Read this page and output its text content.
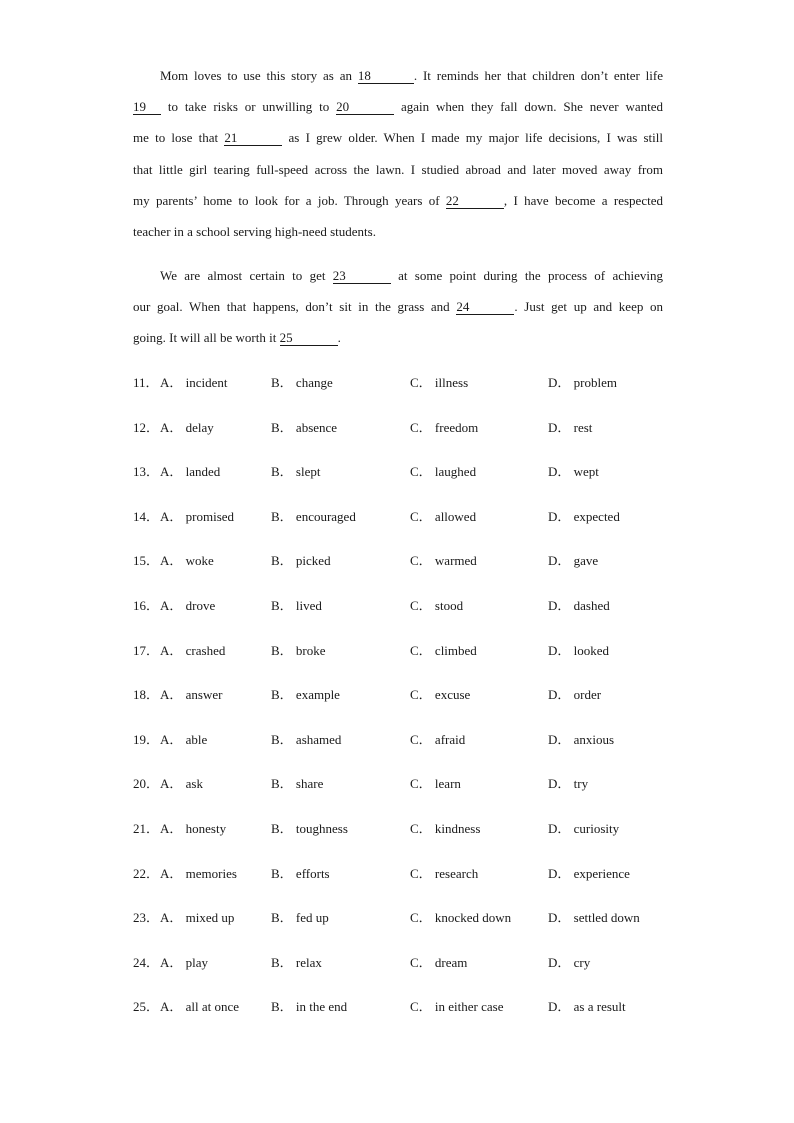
Mom loves to use this story as an 18	. It reminds her that children don’t enter life
19 to take risks or unwilling to 20	again when they fall down. She never wanted
me to lose that 21	as I grew older. When I made my major life decisions, I was still
that little girl tearing full-speed across the lawn. I studied abroad and later moved away from
my parents’ home to look for a job. Through years of 22	, I have become a respected
teacher in a school serving high-need students.
We are almost certain to get 23	at some point during the process of achieving
our goal. When that happens, don’t sit in the grass and 24	. Just get up and keep on
going. It will all be worth it 25	.
11． A． incident	B． change	C． illness	D． problem
12． A． delay	B． absence	C． freedom	D． rest
13． A． landed	B． slept	C． laughed	D． wept
14． A． promised	B． encouraged	C． allowed	D． expected
15． A． woke	B． picked	C． warmed	D． gave
16． A． drove	B． lived	C． stood	D． dashed
17． A． crashed	B． broke	C． climbed	D． looked
18． A． answer	B． example	C． excuse	D． order
19． A． able	B． ashamed	C． afraid	D． anxious
20． A． ask	B． share	C． learn	D． try
21． A． honesty	B． toughness	C． kindness	D． curiosity
22． A． memories	B． efforts	C． research	D． experience
23． A． mixed up	B． fed up	C． knocked down	D． settled down
24． A． play	B． relax	C． dream	D． cry
25． A． all at once B． in the end	C． in either case	D． as a result
